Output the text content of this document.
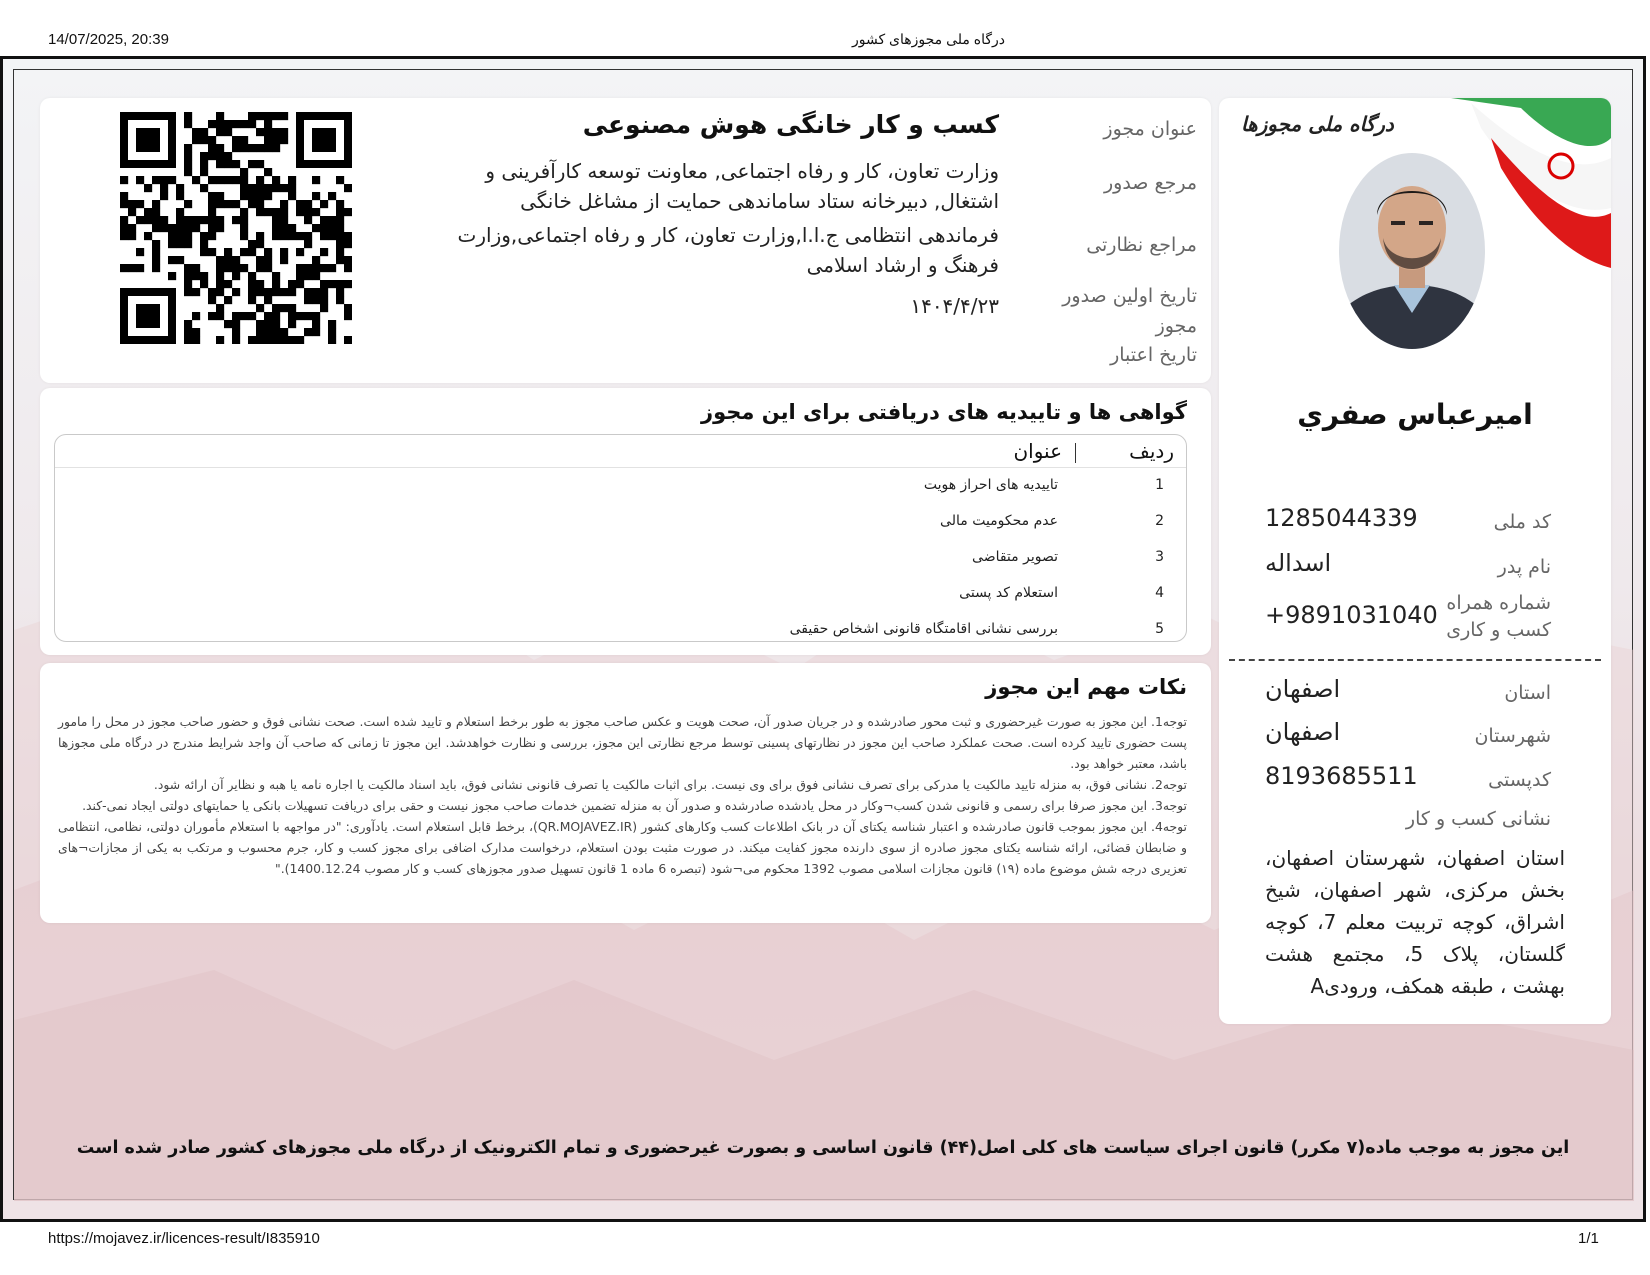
14/07/2025, 20:39	درگاه ملی مجوزهای کشور
درگاه ملی مجوزها
اميرعباس صفري
کد ملی
1285044339
نام پدر
اسداله
شماره همراه کسب و کاری
+9891031040
استان
اصفهان
شهرستان
اصفهان
کدپستی
8193685511
نشانی کسب و کار
استان اصفهان، شهرستان اصفهان، بخش مرکزی، شهر اصفهان، شیخ اشراق، کوچه تربیت معلم 7، کوچه گلستان، پلاک 5، مجتمع هشت بهشت ، طبقه همکف، ورودیA
عنوان مجوز
کسب و کار خانگی هوش مصنوعی
مرجع صدور
وزارت تعاون، کار و رفاه اجتماعی, معاونت توسعه کارآفرینی و اشتغال, دبیرخانه ستاد ساماندهی حمایت از مشاغل خانگی
مراجع نظارتی
فرماندهی انتظامی ج.ا.ا,وزارت تعاون، کار و رفاه اجتماعی,وزارت فرهنگ و ارشاد اسلامی
تاریخ اولین صدور مجوز
۱۴۰۴/۴/۲۳
تاریخ اعتبار
گواهی ها و تاییدیه های دریافتی برای این مجوز
ردیف
عنوان
1
تاییدیه های احراز هویت
2
عدم محکومیت مالی
3
تصویر متقاضی
4
استعلام کد پستی
5
بررسی نشانی اقامتگاه قانونی اشخاص حقیقی
نکات مهم این مجوز
توجه1. این مجوز به صورت غیرحضوری و ثبت محور صادرشده و در جریان صدور آن، صحت هویت و عکس صاحب مجوز به طور برخط استعلام و تایید شده است. صحت نشانی فوق و حضور صاحب مجوز در محل را مامور پست حضوری تایید کرده است. صحت عملکرد صاحب این مجوز در نظارتهای پسینی توسط مرجع نظارتی این مجوز، بررسی و نظارت خواهدشد. این مجوز تا زمانی که صاحب آن واجد شرایط مندرج در درگاه ملی مجوزها باشد، معتبر خواهد بود.
توجه2. نشانی فوق، به منزله تایید مالکیت یا مدرکی برای تصرف نشانی فوق برای وی نیست. برای اثبات مالکیت یا تصرف قانونی نشانی فوق، باید اسناد مالکیت یا اجاره نامه یا هبه و نظایر آن ارائه شود.
توجه3. این مجوز صرفا برای رسمی و قانونی شدن کسب¬وکار در محل یادشده صادرشده و صدور آن به منزله تضمین خدمات صاحب مجوز نیست و حقی برای دریافت تسهیلات بانکی یا حمایتهای دولتی ایجاد نمی-کند.
توجه4. این مجوز بموجب قانون صادرشده و اعتبار شناسه یکتای آن در بانک اطلاعات کسب وکارهای کشور (QR.MOJAVEZ.IR)، برخط قابل استعلام است. یادآوری: "در مواجهه با استعلام مأموران دولتی، نظامی، انتظامی و ضابطان قضائی، ارائه شناسه یکتای مجوز صادره از سوی دارنده مجوز کفایت میکند. در صورت مثبت بودن استعلام، درخواست مدارک اضافی برای مجوز کسب و کار، جرم محسوب و مرتکب به یکی از مجازات¬های تعزیری درجه شش موضوع ماده (۱۹) قانون مجازات اسلامی مصوب 1392 محکوم می¬شود (تبصره 6 ماده 1 قانون تسهیل صدور مجوزهای کسب و کار مصوب 1400.12.24)."
این مجوز به موجب ماده(۷ مکرر) قانون اجرای سیاست های کلی اصل(۴۴) قانون اساسی و بصورت غیرحضوری و تمام الکترونیک از درگاه ملی مجوزهای کشور صادر شده است
https://mojavez.ir/licences-result/I835910	1/1
